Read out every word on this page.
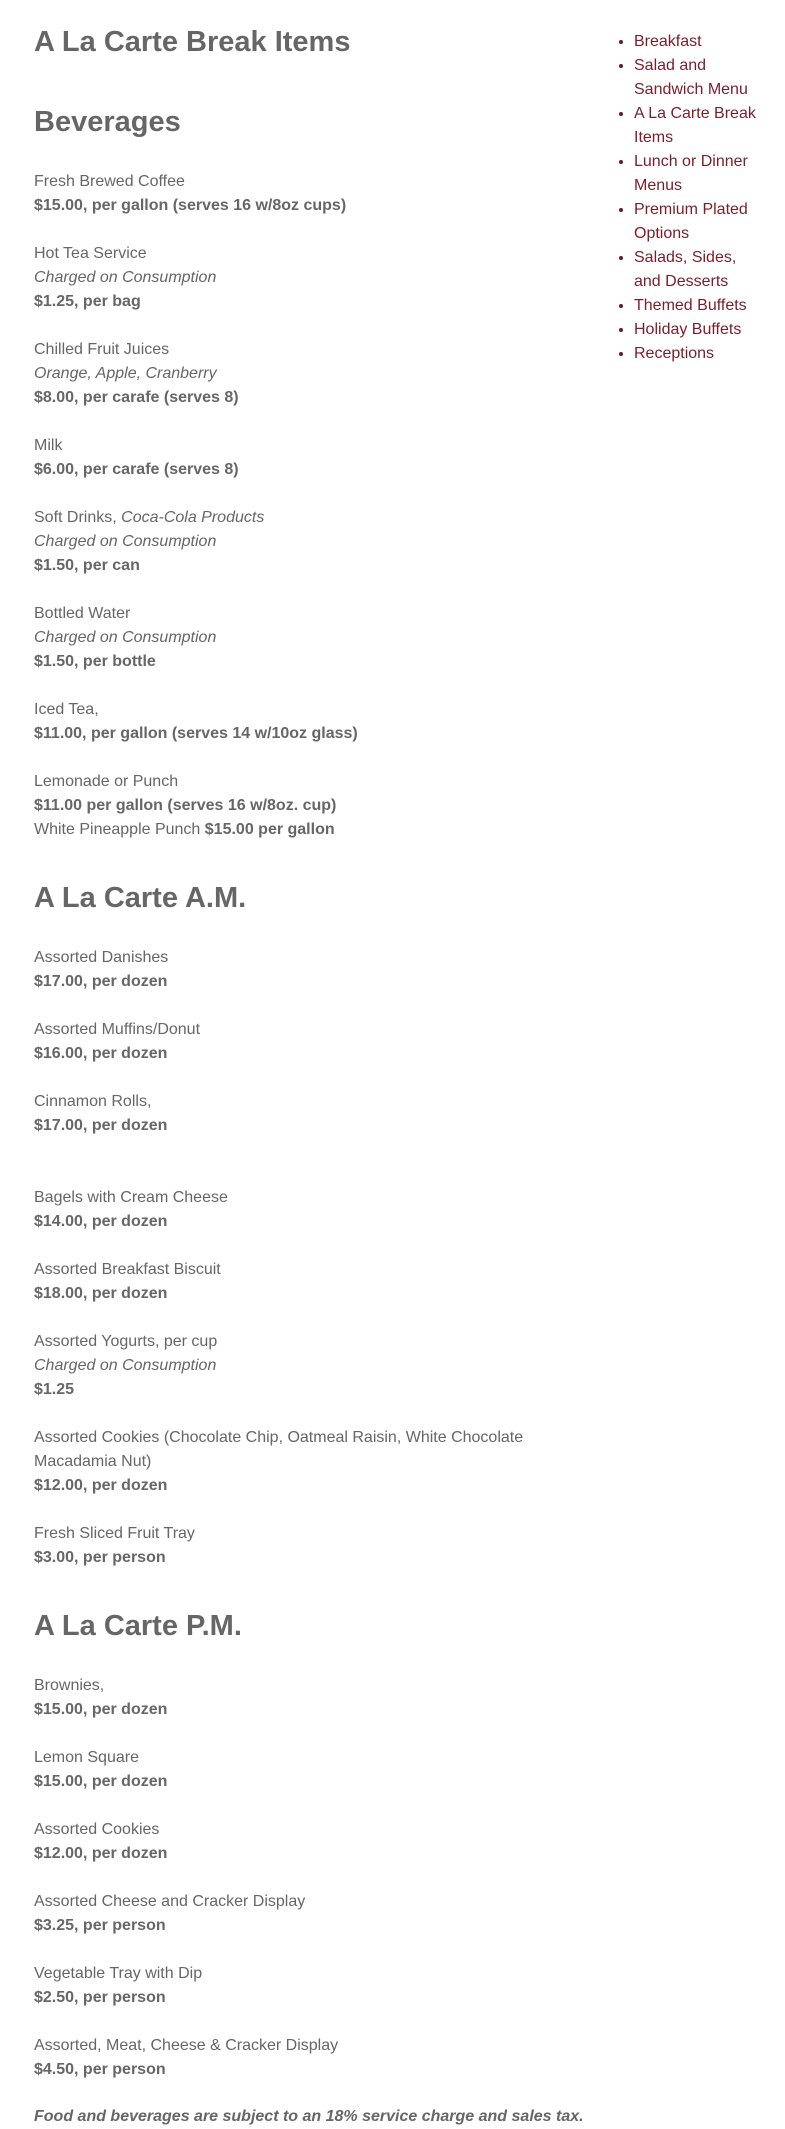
A La Carte Break Items
Beverages
Fresh Brewed Coffee
$15.00, per gallon (serves 16 w/8oz cups)
Hot Tea Service
Charged on Consumption
$1.25, per bag
Chilled Fruit Juices
Orange, Apple, Cranberry
$8.00, per carafe (serves 8)
Milk
$6.00, per carafe (serves 8)
Soft Drinks, Coca-Cola Products
Charged on Consumption
$1.50, per can
Bottled Water
Charged on Consumption
$1.50, per bottle
Iced Tea,
$11.00, per gallon (serves 14 w/10oz glass)
Lemonade or Punch
$11.00 per gallon (serves 16 w/8oz. cup)
White Pineapple Punch $15.00 per gallon
A La Carte A.M.
Assorted Danishes
$17.00, per dozen
Assorted Muffins/Donut
$16.00, per dozen
Cinnamon Rolls,
$17.00, per dozen
Bagels with Cream Cheese
$14.00, per dozen
Assorted Breakfast Biscuit
$18.00, per dozen
Assorted Yogurts, per cup
Charged on Consumption
$1.25
Assorted Cookies (Chocolate Chip, Oatmeal Raisin, White Chocolate Macadamia Nut)
$12.00, per dozen
Fresh Sliced Fruit Tray
$3.00, per person
A La Carte P.M.
Brownies,
$15.00, per dozen
Lemon Square
$15.00, per dozen
Assorted Cookies
$12.00, per dozen
Assorted Cheese and Cracker Display
$3.25, per person
Vegetable Tray with Dip
$2.50, per person
Assorted, Meat, Cheese & Cracker Display
$4.50, per person
Food and beverages are subject to an 18% service charge and sales tax.
• Breakfast
• Salad and Sandwich Menu
• A La Carte Break Items
• Lunch or Dinner Menus
• Premium Plated Options
• Salads, Sides, and Desserts
• Themed Buffets
• Holiday Buffets
• Receptions
